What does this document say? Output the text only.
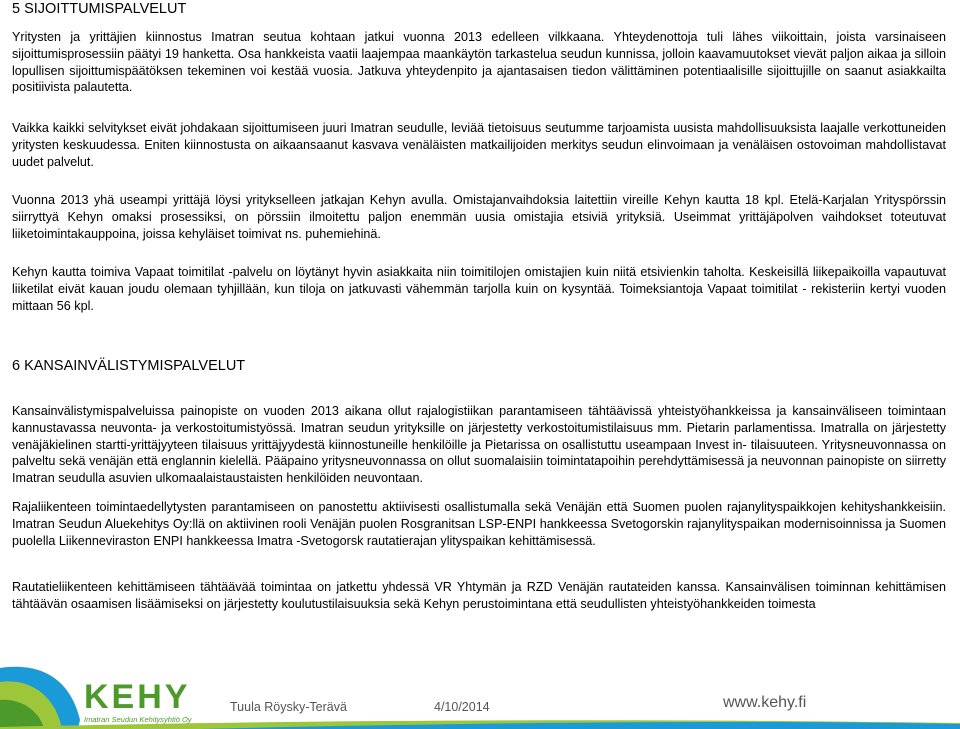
5 SIJOITTUMISPALVELUT

Yritysten ja yrittäjien kiinnostus Imatran seutua kohtaan jatkui vuonna 2013 edelleen vilkkaana. Yhteydenottoja tuli lähes viikoittain, joista varsinaiseen sijoittumisprosessiin päätyi 19 hanketta. Osa hankkeista vaatii laajempaa maankäytön tarkastelua seudun kunnissa, jolloin kaavamuutokset vievät paljon aikaa ja silloin lopullisen sijoittumispäätöksen tekeminen voi kestää vuosia. Jatkuva yhteydenpito ja ajantasaisen tiedon välittäminen potentiaalisille sijoittujille on saanut asiakkailta positiivista palautetta.

Vaikka kaikki selvitykset eivät johdakaan sijoittumiseen juuri Imatran seudulle, leviää tietoisuus seutumme tarjoamista uusista mahdollisuuksista laajalle verkottuneiden yritysten keskuudessa. Eniten kiinnostusta on aikaansaanut kasvava venäläisten matkailijoiden merkitys seudun elinvoimaan ja venäläisen ostovoiman mahdollistavat uudet palvelut.

Vuonna 2013 yhä useampi yrittäjä löysi yritykselleen jatkajan Kehyn avulla. Omistajanvaihdoksia laitettiin vireille Kehyn kautta 18 kpl. Etelä-Karjalan Yrityspörssin siirryttyä Kehyn omaksi prosessiksi, on pörssiin ilmoitettu paljon enemmän uusia omistajia etsiviä yrityksiä. Useimmat yrittäjäpolven vaihdokset toteutuvat liiketoimintakauppoina, joissa kehyläiset toimivat ns. puhemiehinä.

Kehyn kautta toimiva Vapaat toimitilat -palvelu on löytänyt hyvin asiakkaita niin toimitilojen omistajien kuin niitä etsivienkin taholta. Keskeisillä liikepaikoilla vapautuvat liiketilat eivät kauan joudu olemaan tyhjillään, kun tiloja on jatkuvasti vähemmän tarjolla kuin on kysyntää. Toimeksiantoja Vapaat toimitilat - rekisteriin kertyi vuoden mittaan 56 kpl.

6 KANSAINVÄLISTYMISPALVELUT

Kansainvälistymispalveluissa painopiste on vuoden 2013 aikana ollut rajalogistiikan parantamiseen tähtäävissä yhteistyöhankkeissa ja kansainväliseen toimintaan kannustavassa neuvonta- ja verkostoitumistyössä. Imatran seudun yrityksille on järjestetty verkostoitumistilaisuus mm. Pietarin parlamentissa. Imatralla on järjestetty venäjäkielinen startti-yrittäjyyteen tilaisuus yrittäjyydestä kiinnostuneille henkilöille ja Pietarissa on osallistuttu useampaan Invest in- tilaisuuteen. Yritysneuvonnassa on palveltu sekä venäjän että englannin kielellä. Pääpaino yritysneuvonnassa on ollut suomalaisiin toimintatapoihin perehdyttämisessä ja neuvonnan painopiste on siirretty Imatran seudulla asuvien ulkomaalaistaustaisten henkilöiden neuvontaan.

Rajaliikenteen toimintaedellytysten parantamiseen on panostettu aktiivisesti osallistumalla sekä Venäjän että Suomen puolen rajanylityspaikkojen kehityshankkeisiin. Imatran Seudun Aluekehitys Oy:llä on aktiivinen rooli Venäjän puolen Rosgranitsan LSP-ENPI hankkeessa Svetogorskin rajanylityspaikan modernisoinnissa ja Suomen puolella Liikenneviraston ENPI hankkeessa Imatra -Svetogorsk rautatierajan ylityspaikan kehittämisessä.

Rautatieliikenteen kehittämiseen tähtäävää toimintaa on jatkettu yhdessä VR Yhtymän ja RZD Venäjän rautateiden kanssa. Kansainvälisen toiminnan kehittämisen tähtäävän osaamisen lisäämiseksi on järjestetty koulutustilaisuuksia sekä Kehyn perustoimintana että seudullisten yhteistyöhankkeiden toimesta

KEHY
Imatran Seudun Kehitysyhtiö Oy
Tuula Röysky-Terävä	4/10/2014	www.kehy.fi
